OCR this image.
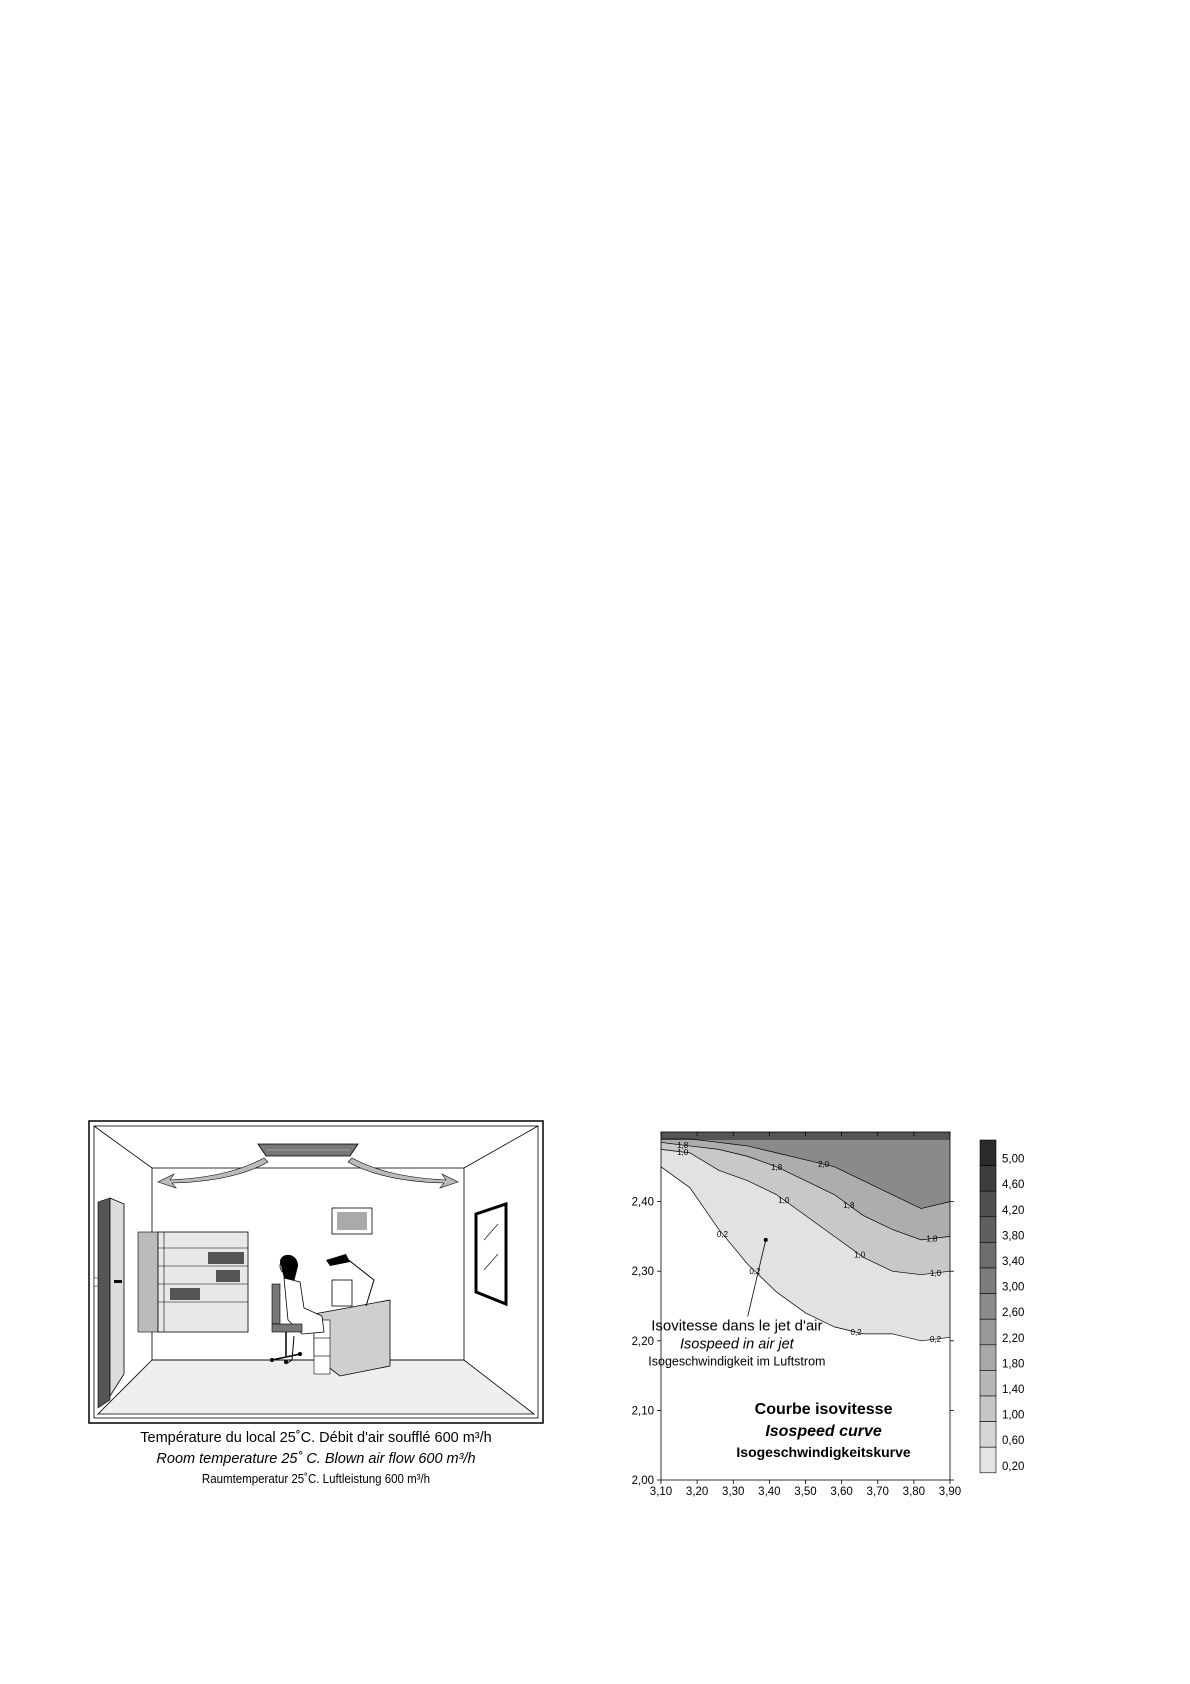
Température du local 25˚C. Débit d'air soufflé 600 m³/h
Room temperature 25˚ C. Blown air flow 600 m³/h
Raumtemperatur 25˚C. Luftleistung 600 m³/h
3,10 3,20 3,30 3,40 3,50 3,60 3,70 3,80 3,90
2,00
2,10
2,20
2,30
2,40
1,8
1,0
0,2
1,8
1,0
2,0
1,8
1,8
1,0
1,0
0,2
0,2
0,2
5,00
4,60
4,20
3,80
3,40
3,00
2,60
2,20
1,80
1,40
1,00
0,60
0,20
Isovitesse dans le jet d'air
Isospeed in air jet
Isogeschwindigkeit im Luftstrom
Courbe isovitesse
Isospeed curve
Isogeschwindigkeitskurve
